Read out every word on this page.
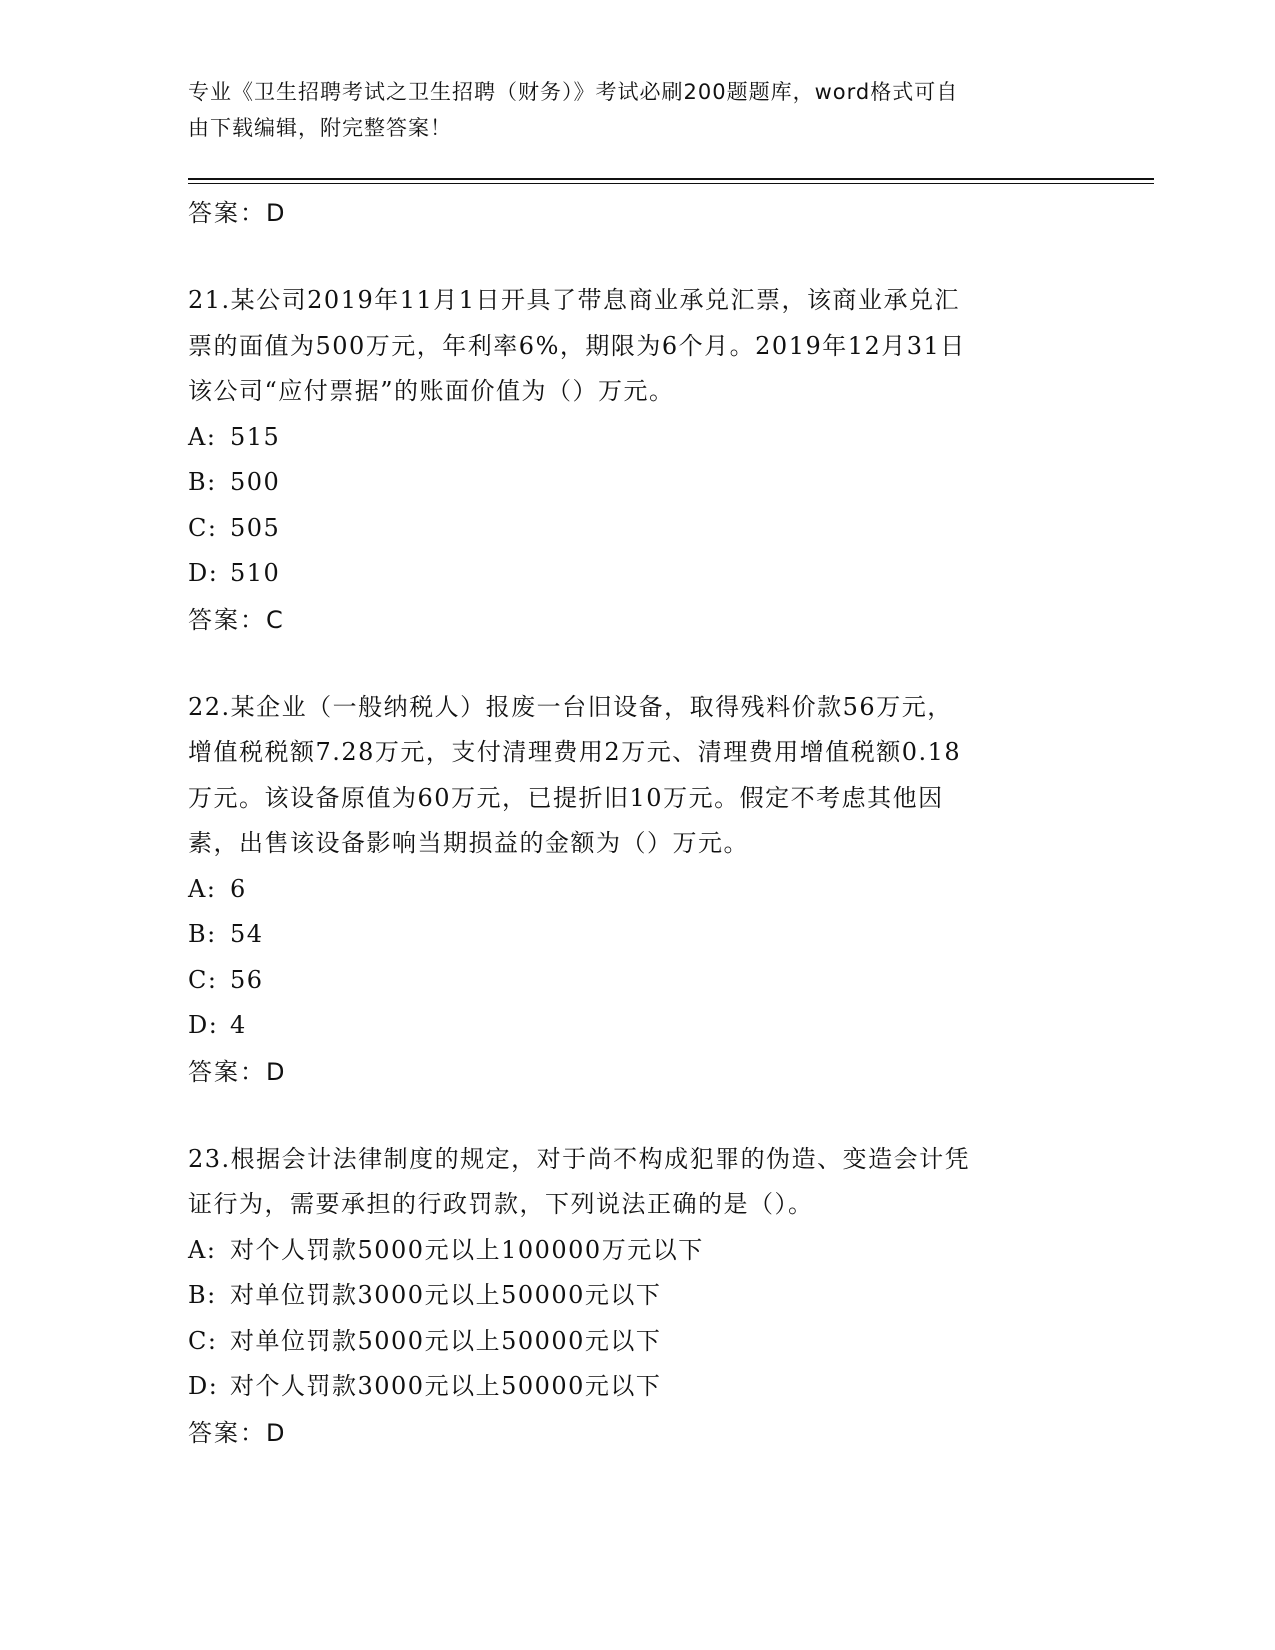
专业《卫生招聘考试之卫生招聘（财务）》考试必刷200题题库，word格式可自
由下载编辑，附完整答案！
答案：D
21.某公司2019年11月1日开具了带息商业承兑汇票，该商业承兑汇
票的面值为500万元，年利率6%，期限为6个月。2019年12月31日
该公司“应付票据”的账面价值为（）万元。
A: 515
B: 500
C: 505
D: 510
答案：C
22.某企业（一般纳税人）报废一台旧设备，取得残料价款56万元，
增值税税额7.28万元，支付清理费用2万元、清理费用增值税额0.18
万元。该设备原值为60万元，已提折旧10万元。假定不考虑其他因
素，出售该设备影响当期损益的金额为（）万元。
A: 6
B: 54
C: 56
D: 4
答案：D
23.根据会计法律制度的规定，对于尚不构成犯罪的伪造、变造会计凭
证行为，需要承担的行政罚款，下列说法正确的是（）。
A: 对个人罚款5000元以上100000万元以下
B: 对单位罚款3000元以上50000元以下
C: 对单位罚款5000元以上50000元以下
D: 对个人罚款3000元以上50000元以下
答案：D
